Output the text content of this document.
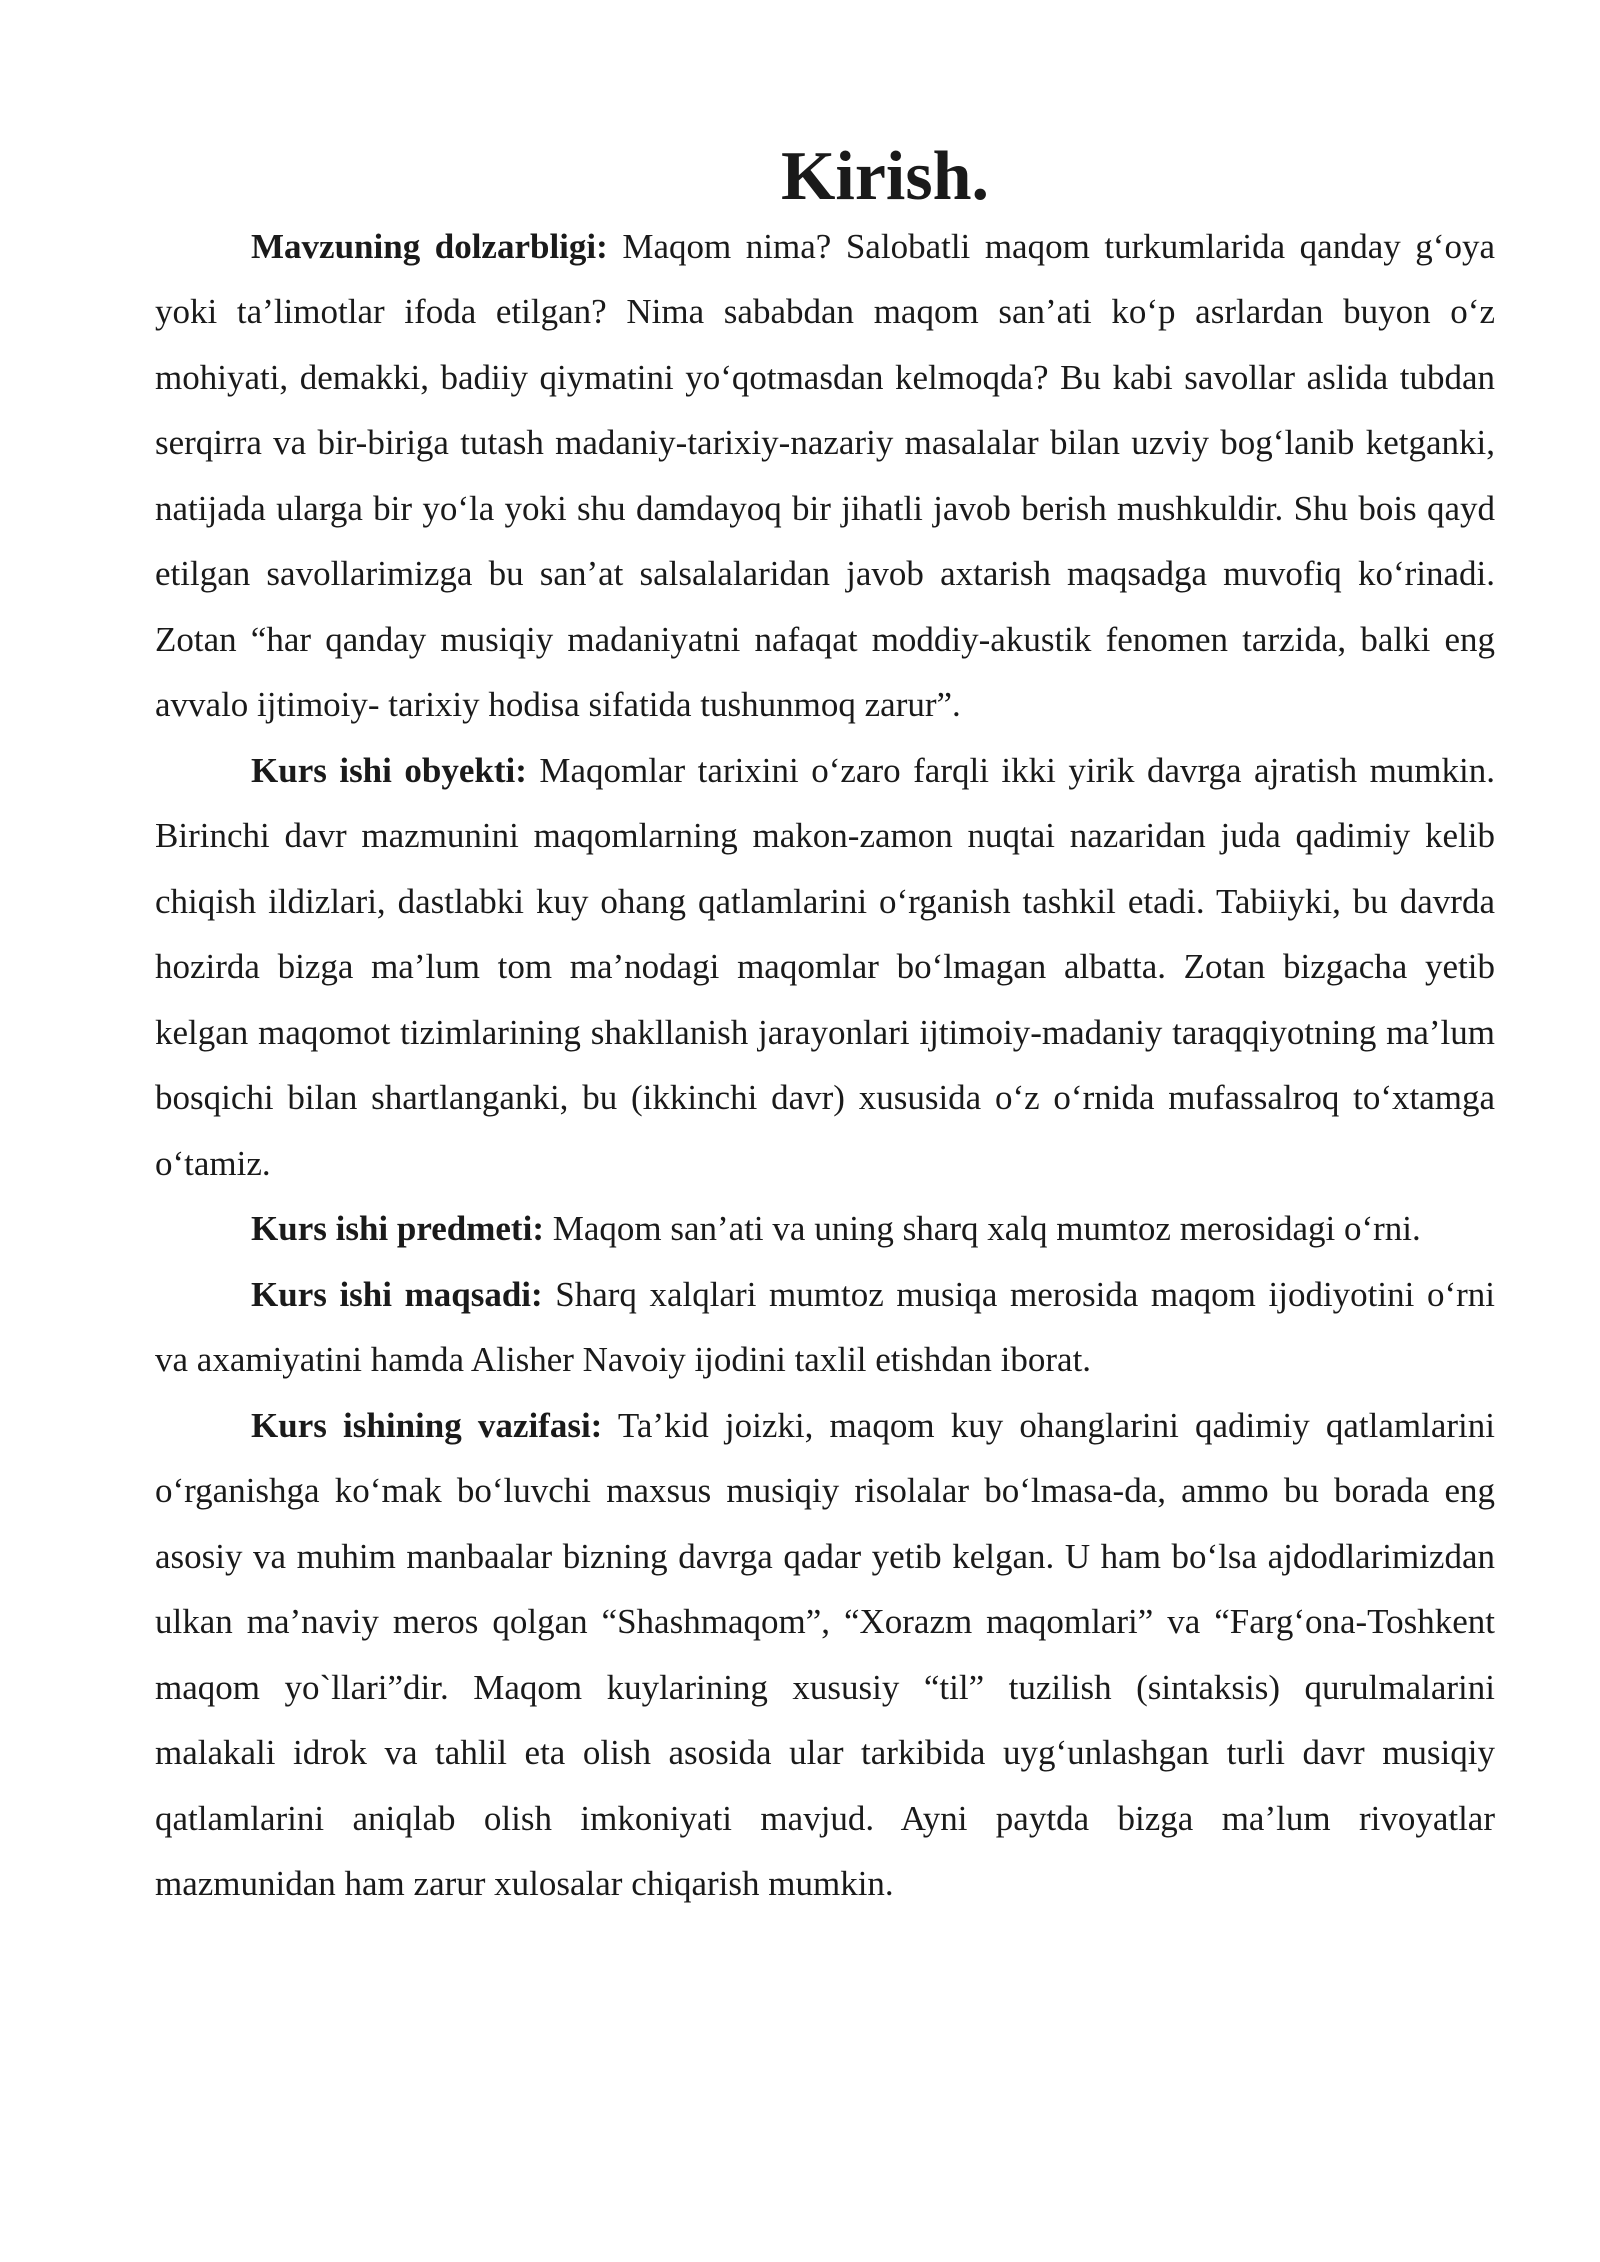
Kirish.

Mavzuning dolzarbligi: Maqom nima? Salobatli maqom turkumlarida qanday g‘oya yoki ta’limotlar ifoda etilgan? Nima sababdan maqom san’ati ko‘p asrlardan buyon o‘z mohiyati, demakki, badiiy qiymatini yo‘qotmasdan kelmoqda? Bu kabi savollar aslida tubdan serqirra va bir-biriga tutash madaniy-tarixiy-nazariy masalalar bilan uzviy bog‘lanib ketganki, natijada ularga bir yo‘la yoki shu damdayoq bir jihatli javob berish mushkuldir. Shu bois qayd etilgan savollarimizga bu san’at salsalalaridan javob axtarish maqsadga muvofiq ko‘rinadi. Zotan “har qanday musiqiy madaniyatni nafaqat moddiy-akustik fenomen tarzida, balki eng avvalo ijtimoiy- tarixiy hodisa sifatida tushunmoq zarur”.

Kurs ishi obyekti: Maqomlar tarixini o‘zaro farqli ikki yirik davrga ajratish mumkin. Birinchi davr mazmunini maqomlarning makon-zamon nuqtai nazaridan juda qadimiy kelib chiqish ildizlari, dastlabki kuy ohang qatlamlarini o‘rganish tashkil etadi. Tabiiyki, bu davrda hozirda bizga ma’lum tom ma’nodagi maqomlar bo‘lmagan albatta. Zotan bizgacha yetib kelgan maqomot tizimlarining shakllanish jarayonlari ijtimoiy-madaniy taraqqiyotning ma’lum bosqichi bilan shartlanganki, bu (ikkinchi davr) xususida o‘z o‘rnida mufassalroq to‘xtamga o‘tamiz.

Kurs ishi predmeti: Maqom san’ati va uning sharq xalq mumtoz merosidagi o‘rni.

Kurs ishi maqsadi: Sharq xalqlari mumtoz musiqa merosida maqom ijodiyotini o‘rni va axamiyatini hamda Alisher Navoiy ijodini taxlil etishdan iborat.

Kurs ishining vazifasi: Ta’kid joizki, maqom kuy ohanglarini qadimiy qatlamlarini o‘rganishga ko‘mak bo‘luvchi maxsus musiqiy risolalar bo‘lmasa-da, ammo bu borada eng asosiy va muhim manbaalar bizning davrga qadar yetib kelgan. U ham bo‘lsa ajdodlarimizdan ulkan ma’naviy meros qolgan “Shashmaqom”, “Xorazm maqomlari” va “Farg‘ona-Toshkent maqom yo`llari”dir. Maqom kuylarining xususiy “til” tuzilish (sintaksis) qurulmalarini malakali idrok va tahlil eta olish asosida ular tarkibida uyg‘unlashgan turli davr musiqiy qatlamlarini aniqlab olish imkoniyati mavjud. Ayni paytda bizga ma’lum rivoyatlar mazmunidan ham zarur xulosalar chiqarish mumkin.
